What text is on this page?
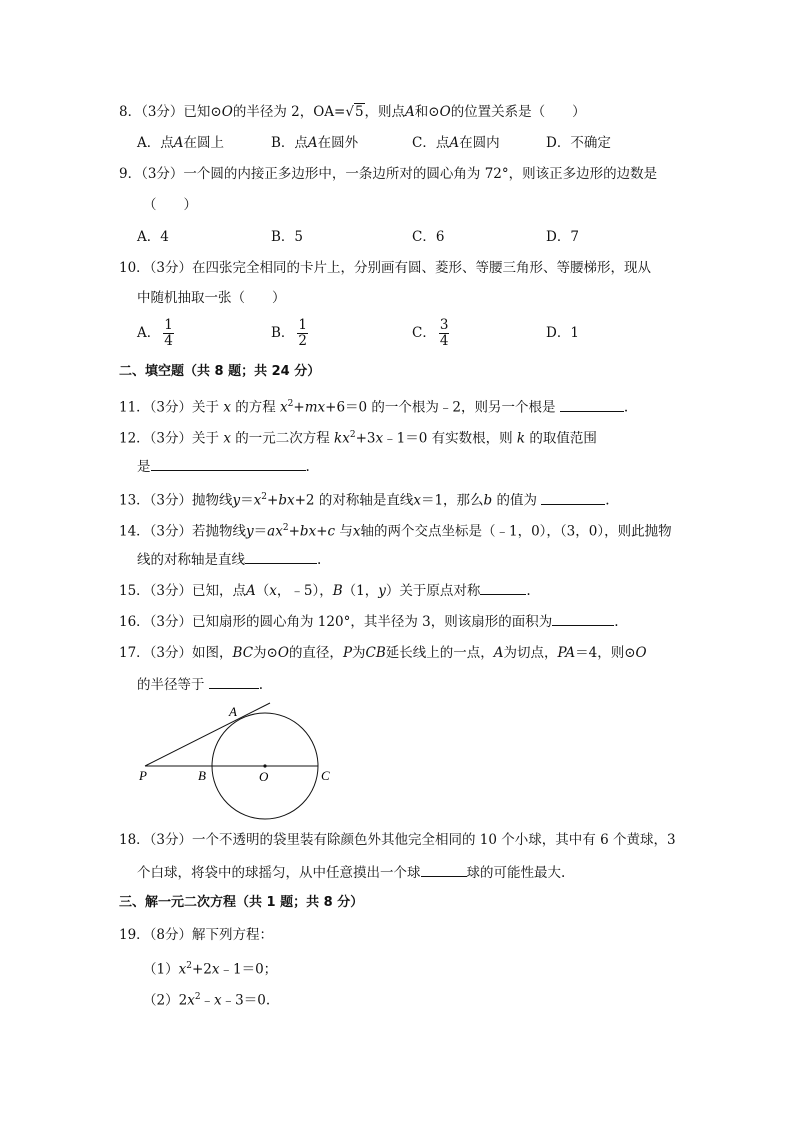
8．（3分）已知⊙O的半径为 2，OA=√5，则点A和⊙O的位置关系是（　　）
A．点A在圆上	B．点A在圆外	C．点A在圆内	D．不确定
9．（3分）一个圆的内接正多边形中，一条边所对的圆心角为 72°，则该正多边形的边数是
（　　）
A．4	B．5	C．6	D．7
10．（3分）在四张完全相同的卡片上，分别画有圆、菱形、等腰三角形、等腰梯形，现从
中随机抽取一张（　　）
A． $\frac{1}{4}$	B． $\frac{1}{2}$	C． $\frac{3}{4}$	D．1
二、填空题（共 8 题；共 24 分）
11．（3分）关于 x 的方程 $x^2+mx+6=0$ 的一个根为﹣2，则另一个根是	.
12．（3分）关于 x 的一元二次方程 $kx^2+3x﹣1=0$ 有实数根，则 k 的取值范围
是	.
13．（3分）抛物线$y=x^2+bx+2$ 的对称轴是直线x＝1，那么b 的值为	.
14．（3分）若抛物线$y=ax^2+bx+c$ 与x轴的两个交点坐标是（﹣1，0），（3，0），则此抛物
线的对称轴是直线	.
15．（3分）已知，点A（x，﹣5），B（1，y）关于原点对称	.
16．（3分）已知扇形的圆心角为 120°，其半径为 3，则该扇形的面积为	.
17．（3分）如图，BC为⊙O的直径，P为CB延长线上的一点，A为切点，PA＝4，则⊙O
的半径等于	.
A
P	B	O	C
18．（3分）一个不透明的袋里装有除颜色外其他完全相同的 10 个小球，其中有 6 个黄球，3
个白球，将袋中的球摇匀，从中任意摸出一个球	球的可能性最大.
三、解一元二次方程（共 1 题；共 8 分）
19．（8分）解下列方程：
$(1)x^2+2x﹣1=0$；
$(2)2x^2﹣x﹣3=0$.
